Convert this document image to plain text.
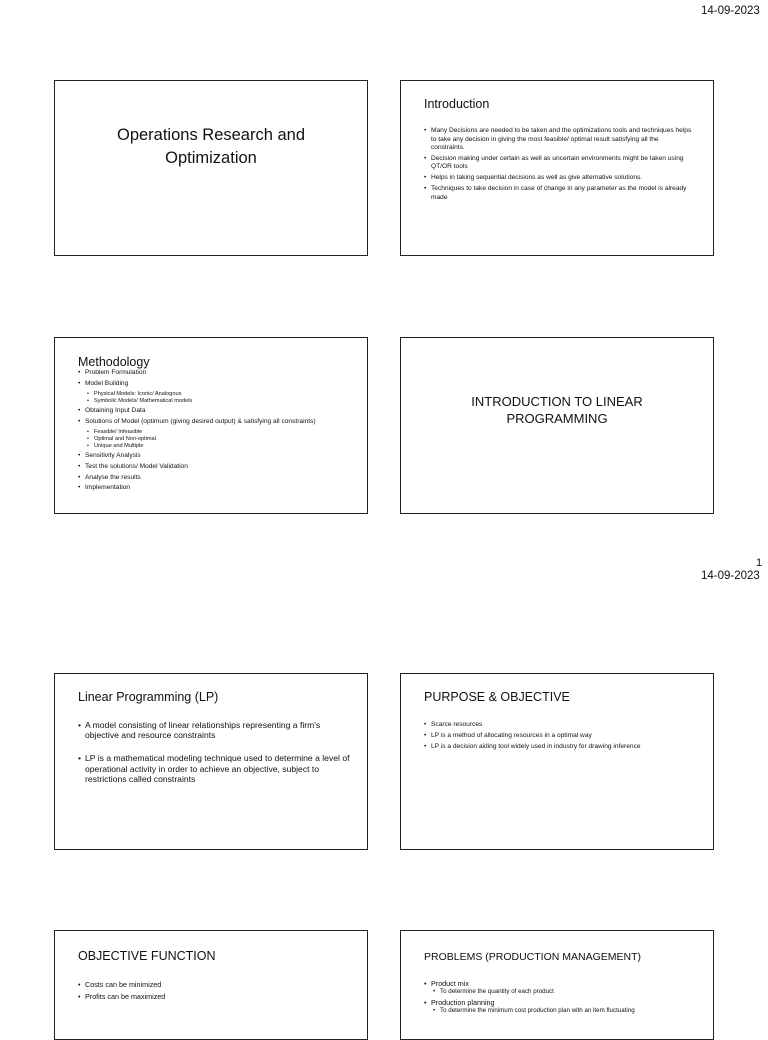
14-09-2023
1
14-09-2023
Operations Research and Optimization
Introduction
• Many Decisions are needed to be taken and the optimizations tools and techniques helps to take any decision in giving the most feasible/ optimal result satisfying all the constraints.
• Decision making under certain as well as uncertain environments might be taken using QT/OR tools
• Helps in taking sequential decisions as well as give alternative solutions.
• Techniques to take decision in case of change in any parameter as the model is already made
Methodology
• Problem Formulation
• Model Building
• Physical Models: Iconic/ Analogous
• Symbolic Models/ Mathematical models
• Obtaining Input Data
• Solutions of Model (optimum (giving desired output) & satisfying all constraints)
• Feasible/ Infeasible
• Optimal and Non-optimal
• Unique and Multiple
• Sensitivity Analysis
• Test the solutions/ Model Validation
• Analyse the results
• Implementation
INTRODUCTION TO LINEAR PROGRAMMING
Linear Programming (LP)
• A model consisting of linear relationships representing a firm's objective and resource constraints
• LP is a mathematical modeling technique used to determine a level of operational activity in order to achieve an objective, subject to restrictions called constraints
PURPOSE & OBJECTIVE
• Scarce resources
• LP is a method of allocating resources in a optimal way
• LP is a decision aiding tool widely used in industry for drawing inference
OBJECTIVE FUNCTION
• Costs can be minimized
• Profits can be maximized
PROBLEMS (PRODUCTION MANAGEMENT)
• Product mix
• To determine the quantity of each product
• Production planning
• To determine the minimum cost production plan with an item fluctuating
